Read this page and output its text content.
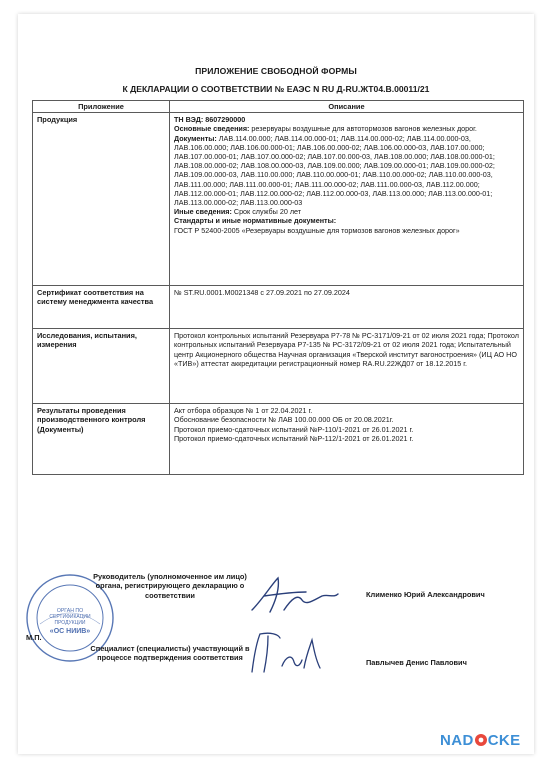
ПРИЛОЖЕНИЕ СВОБОДНОЙ ФОРМЫ
К ДЕКЛАРАЦИИ О СООТВЕТСТВИИ № ЕАЭС N RU Д-RU.ЖТ04.В.00011/21
Приложение	Описание
Продукция	ТН ВЭД: 8607290000
Основные сведения: резервуары воздушные для автотормозов вагонов железных дорог. Документы: ЛАВ.114.00.000; ЛАВ.114.00.000-01; ЛАВ.114.00.000-02; ЛАВ.114.00.000-03, ЛАВ.106.00.000; ЛАВ.106.00.000-01; ЛАВ.106.00.000-02; ЛАВ.106.00.000-03, ЛАВ.107.00.000; ЛАВ.107.00.000-01; ЛАВ.107.00.000-02; ЛАВ.107.00.000-03, ЛАВ.108.00.000; ЛАВ.108.00.000-01; ЛАВ.108.00.000-02; ЛАВ.108.00.000-03, ЛАВ.109.00.000; ЛАВ.109.00.000-01; ЛАВ.109.00.000-02; ЛАВ.109.00.000-03, ЛАВ.110.00.000; ЛАВ.110.00.000-01; ЛАВ.110.00.000-02; ЛАВ.110.00.000-03, ЛАВ.111.00.000; ЛАВ.111.00.000-01; ЛАВ.111.00.000-02; ЛАВ.111.00.000-03, ЛАВ.112.00.000; ЛАВ.112.00.000-01; ЛАВ.112.00.000-02; ЛАВ.112.00.000-03, ЛАВ.113.00.000; ЛАВ.113.00.000-01; ЛАВ.113.00.000-02; ЛАВ.113.00.000-03
Иные сведения: Срок службы 20 лет
Стандарты и иные нормативные документы:
ГОСТ Р 52400-2005 «Резервуары воздушные для тормозов вагонов железных дорог»

Сертификат соответствия на систему менеджмента качества	№ ST.RU.0001.M0021348 с 27.09.2021 по 27.09.2024
Исследования, испытания, измерения	Протокол контрольных испытаний Резервуара Р7-78 № РС-3171/09-21 от 02 июля 2021 года; Протокол контрольных испытаний Резервуара Р7-135 № РС-3172/09-21 от 02 июля 2021 года; Испытательный центр Акционерного общества Научная организация «Тверской институт вагоностроения» (ИЦ АО НО «ТИВ») аттестат аккредитации регистрационный номер RA.RU.22ЖД07 от 18.12.2015 г.
Результаты проведения производственного контроля (Документы)	Акт отбора образцов № 1 от 22.04.2021 г.
Обоснование безопасности № ЛАВ 100.00.000 ОБ от 20.08.2021г.
Протокол приемо-сдаточных испытаний №Р-110/1-2021 от 26.01.2021 г.
Протокол приемо-сдаточных испытаний №Р-112/1-2021 от 26.01.2021 г.
ОРГАН ПО
СЕРТИФИКАЦИИ
ПРОДУКЦИИ
«ОС НИИВ»
Руководитель (уполномоченное им лицо) органа, регистрирующего декларацию о соответствии	Клименко Юрий Александрович
М.П.
Специалист (специалисты) участвующий в процессе подтверждения соответствия
Павлычев Денис Павлович
NAD CKE
